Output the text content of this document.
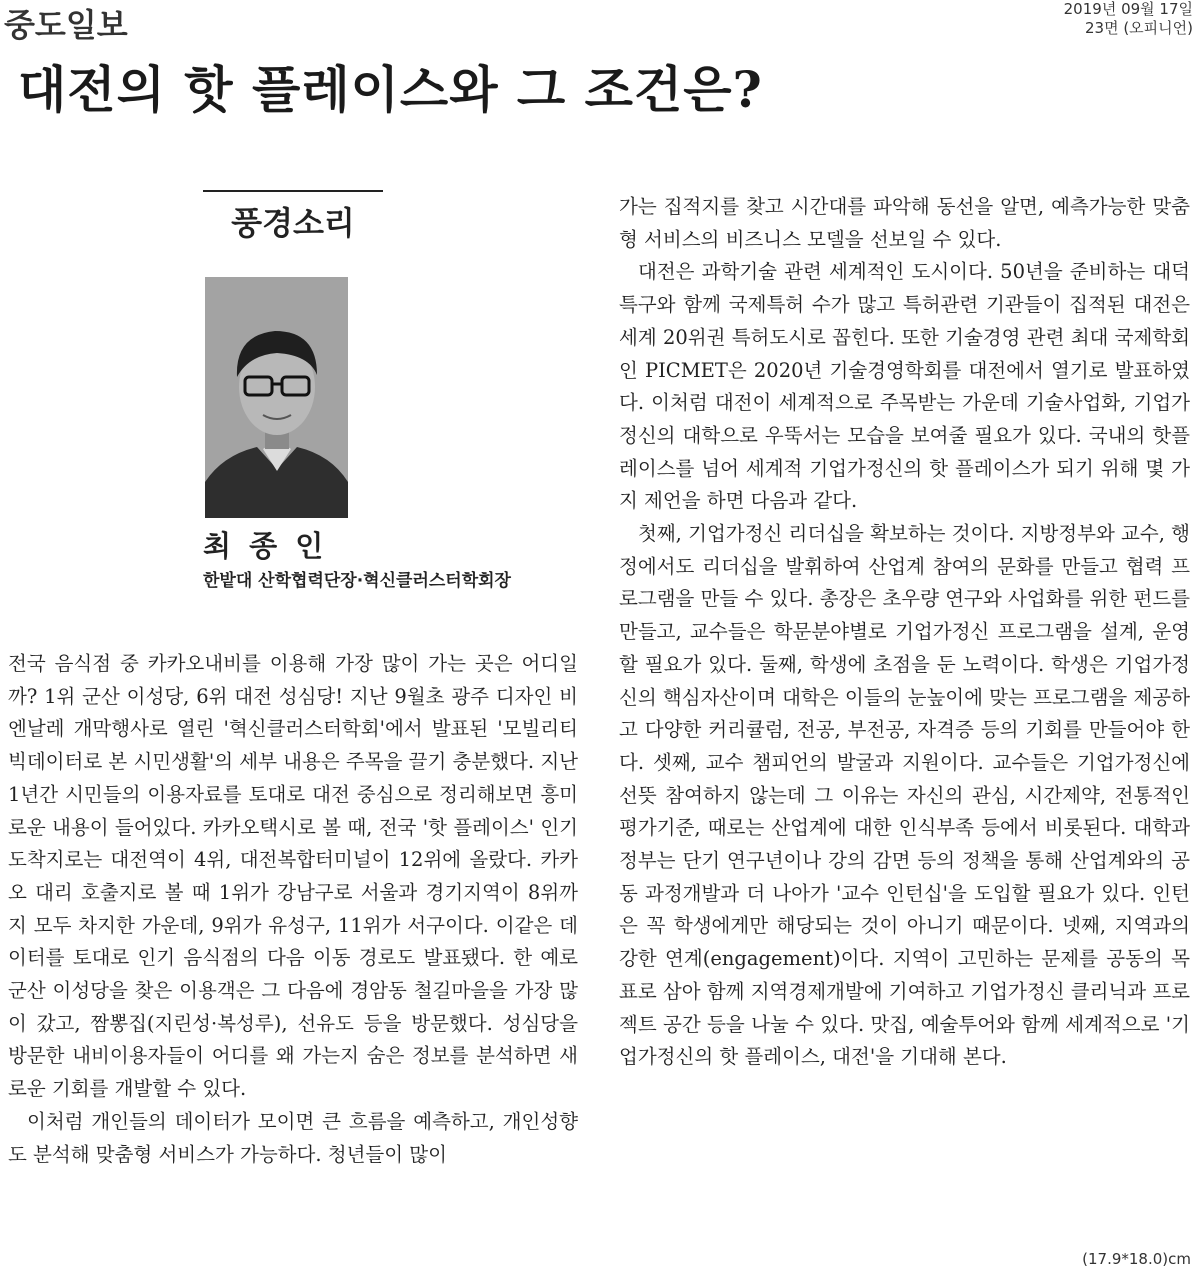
중도일보	2019년 09월 17일
23면 (오피니언)
대전의 핫 플레이스와 그 조건은?
풍경소리
최 종 인
한밭대 산학협력단장·혁신클러스터학회장

전국 음식점 중 카카오내비를 이용해 가장 많이 가는 곳은 어디일까? 1위 군산 이성당, 6위 대전 성심당! 지난 9월초 광주 디자인 비엔날레 개막행사로 열린 '혁신클러스터학회'에서 발표된 '모빌리티 빅데이터로 본 시민생활'의 세부 내용은 주목을 끌기 충분했다. 지난 1년간 시민들의 이용자료를 토대로 대전 중심으로 정리해보면 흥미로운 내용이 들어있다. 카카오택시로 볼 때, 전국 '핫 플레이스' 인기도착지로는 대전역이 4위, 대전복합터미널이 12위에 올랐다. 카카오 대리 호출지로 볼 때 1위가 강남구로 서울과 경기지역이 8위까지 모두 차지한 가운데, 9위가 유성구, 11위가 서구이다. 이같은 데이터를 토대로 인기 음식점의 다음 이동 경로도 발표됐다. 한 예로 군산 이성당을 찾은 이용객은 그 다음에 경암동 철길마을을 가장 많이 갔고, 짬뽕집(지린성·복성루), 선유도 등을 방문했다. 성심당을 방문한 내비이용자들이 어디를 왜 가는지 숨은 정보를 분석하면 새로운 기회를 개발할 수 있다.

이처럼 개인들의 데이터가 모이면 큰 흐름을 예측하고, 개인성향도 분석해 맞춤형 서비스가 가능하다. 청년들이 많이

가는 집적지를 찾고 시간대를 파악해 동선을 알면, 예측가능한 맞춤형 서비스의 비즈니스 모델을 선보일 수 있다.

대전은 과학기술 관련 세계적인 도시이다. 50년을 준비하는 대덕특구와 함께 국제특허 수가 많고 특허관련 기관들이 집적된 대전은 세계 20위권 특허도시로 꼽힌다. 또한 기술경영 관련 최대 국제학회인 PICMET은 2020년 기술경영학회를 대전에서 열기로 발표하였다. 이처럼 대전이 세계적으로 주목받는 가운데 기술사업화, 기업가정신의 대학으로 우뚝서는 모습을 보여줄 필요가 있다. 국내의 핫플레이스를 넘어 세계적 기업가정신의 핫 플레이스가 되기 위해 몇 가지 제언을 하면 다음과 같다.

첫째, 기업가정신 리더십을 확보하는 것이다. 지방정부와 교수, 행정에서도 리더십을 발휘하여 산업계 참여의 문화를 만들고 협력 프로그램을 만들 수 있다. 총장은 초우량 연구와 사업화를 위한 펀드를 만들고, 교수들은 학문분야별로 기업가정신 프로그램을 설계, 운영할 필요가 있다. 둘째, 학생에 초점을 둔 노력이다. 학생은 기업가정신의 핵심자산이며 대학은 이들의 눈높이에 맞는 프로그램을 제공하고 다양한 커리큘럼, 전공, 부전공, 자격증 등의 기회를 만들어야 한다. 셋째, 교수 챔피언의 발굴과 지원이다. 교수들은 기업가정신에 선뜻 참여하지 않는데 그 이유는 자신의 관심, 시간제약, 전통적인 평가기준, 때로는 산업계에 대한 인식부족 등에서 비롯된다. 대학과 정부는 단기 연구년이나 강의 감면 등의 정책을 통해 산업계와의 공동 과정개발과 더 나아가 '교수 인턴십'을 도입할 필요가 있다. 인턴은 꼭 학생에게만 해당되는 것이 아니기 때문이다. 넷째, 지역과의 강한 연계(engagement)이다. 지역이 고민하는 문제를 공동의 목표로 삼아 함께 지역경제개발에 기여하고 기업가정신 클리닉과 프로젝트 공간 등을 나눌 수 있다. 맛집, 예술투어와 함께 세계적으로 '기업가정신의 핫 플레이스, 대전'을 기대해 본다.

(17.9*18.0)cm
